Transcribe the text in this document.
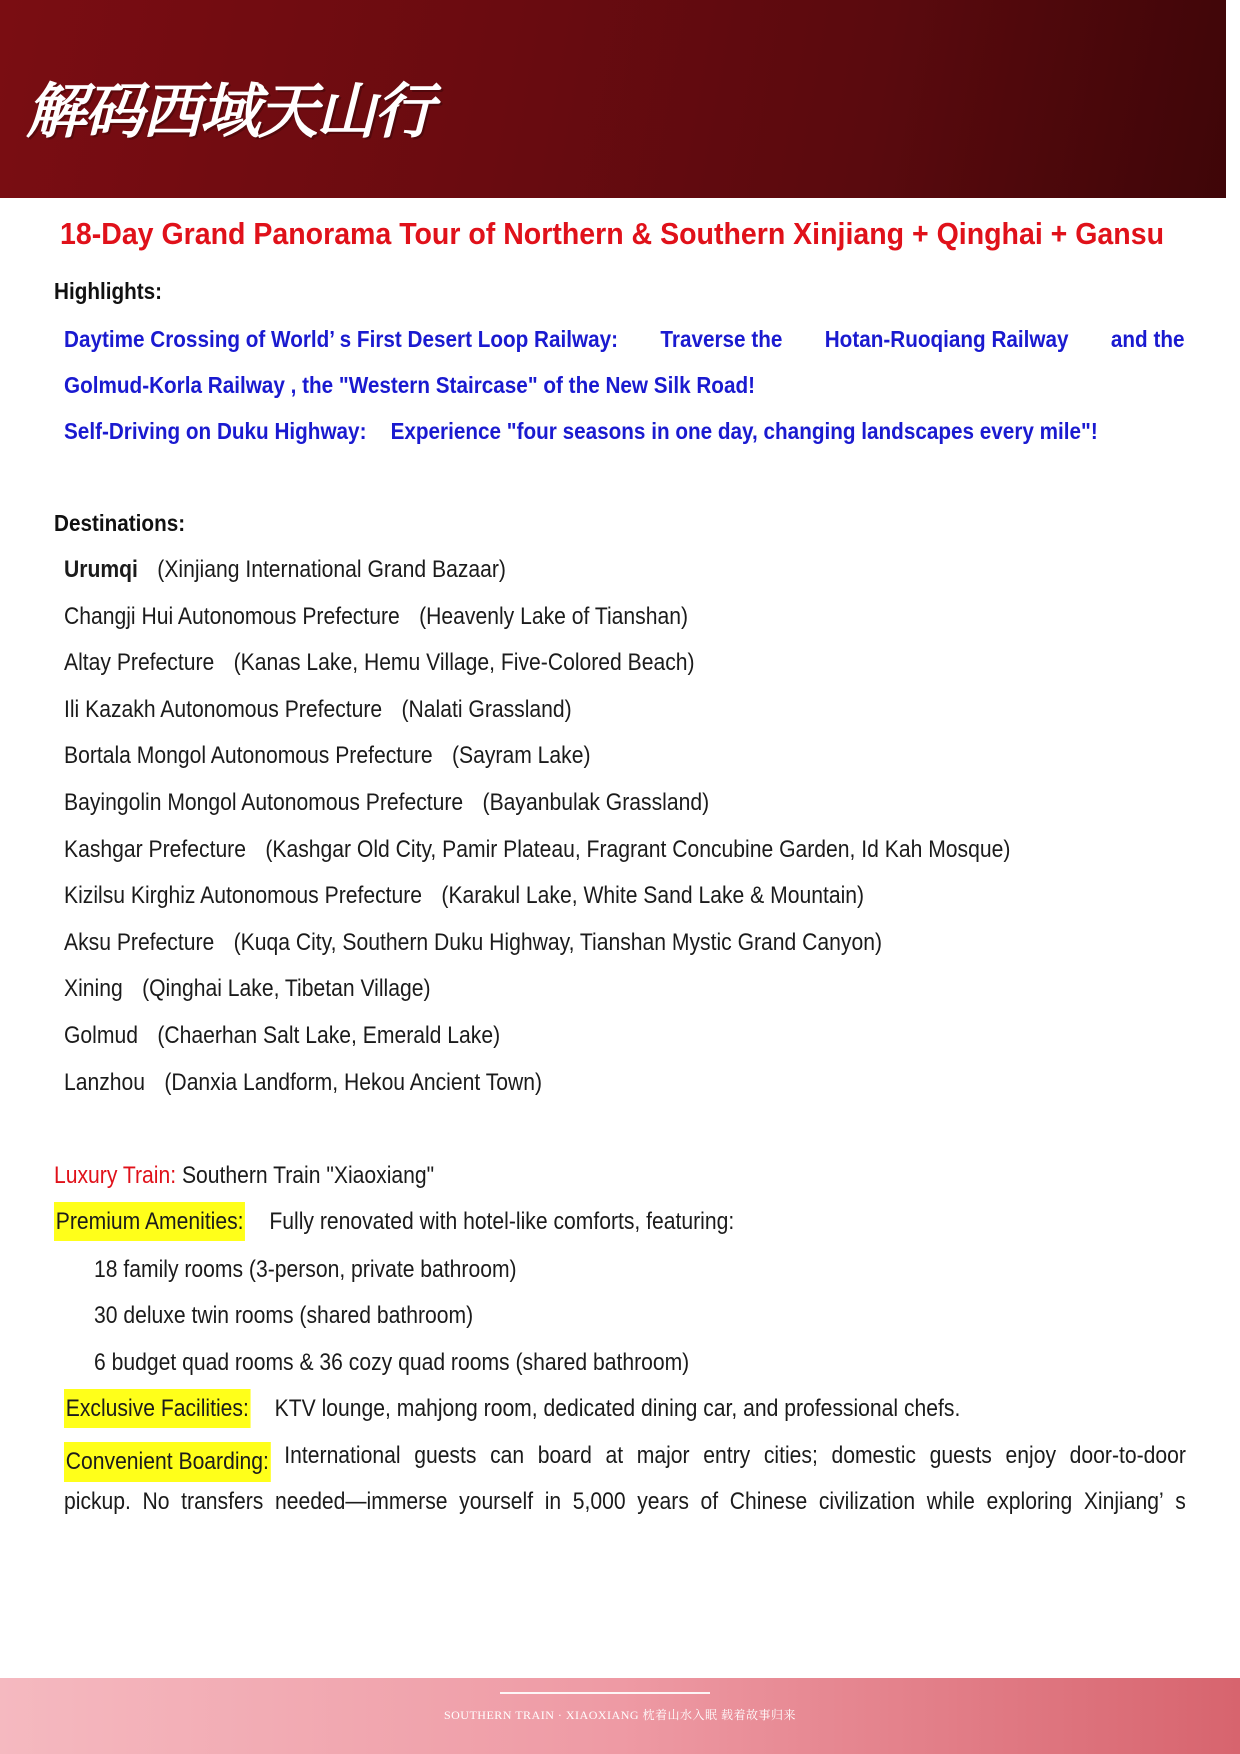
解码西域天山行
18-Day Grand Panorama Tour of Northern & Southern Xinjiang + Qinghai + Gansu
Highlights:
Daytime Crossing of World’ s First Desert Loop Railway: Traverse the Hotan-Ruoqiang Railway and the
Golmud-Korla Railway , the "Western Staircase" of the New Silk Road!
Self-Driving on Duku Highway: Experience "four seasons in one day, changing landscapes every mile"!
Destinations:
Urumqi (Xinjiang International Grand Bazaar)
Changji Hui Autonomous Prefecture (Heavenly Lake of Tianshan)
Altay Prefecture (Kanas Lake, Hemu Village, Five-Colored Beach)
Ili Kazakh Autonomous Prefecture (Nalati Grassland)
Bortala Mongol Autonomous Prefecture (Sayram Lake)
Bayingolin Mongol Autonomous Prefecture (Bayanbulak Grassland)
Kashgar Prefecture (Kashgar Old City, Pamir Plateau, Fragrant Concubine Garden, Id Kah Mosque)
Kizilsu Kirghiz Autonomous Prefecture (Karakul Lake, White Sand Lake & Mountain)
Aksu Prefecture (Kuqa City, Southern Duku Highway, Tianshan Mystic Grand Canyon)
Xining (Qinghai Lake, Tibetan Village)
Golmud (Chaerhan Salt Lake, Emerald Lake)
Lanzhou (Danxia Landform, Hekou Ancient Town)
Luxury Train: Southern Train "Xiaoxiang"
Premium Amenities: Fully renovated with hotel-like comforts, featuring:
18 family rooms (3-person, private bathroom)
30 deluxe twin rooms (shared bathroom)
6 budget quad rooms & 36 cozy quad rooms (shared bathroom)
Exclusive Facilities: KTV lounge, mahjong room, dedicated dining car, and professional chefs.
Convenient Boarding: International guests can board at major entry cities; domestic guests enjoy door-to-door
pickup. No transfers needed—immerse yourself in 5,000 years of Chinese civilization while exploring Xinjiang’ s
SOUTHERN TRAIN · XIAOXIANG 枕着山水入眠 载着故事归来
